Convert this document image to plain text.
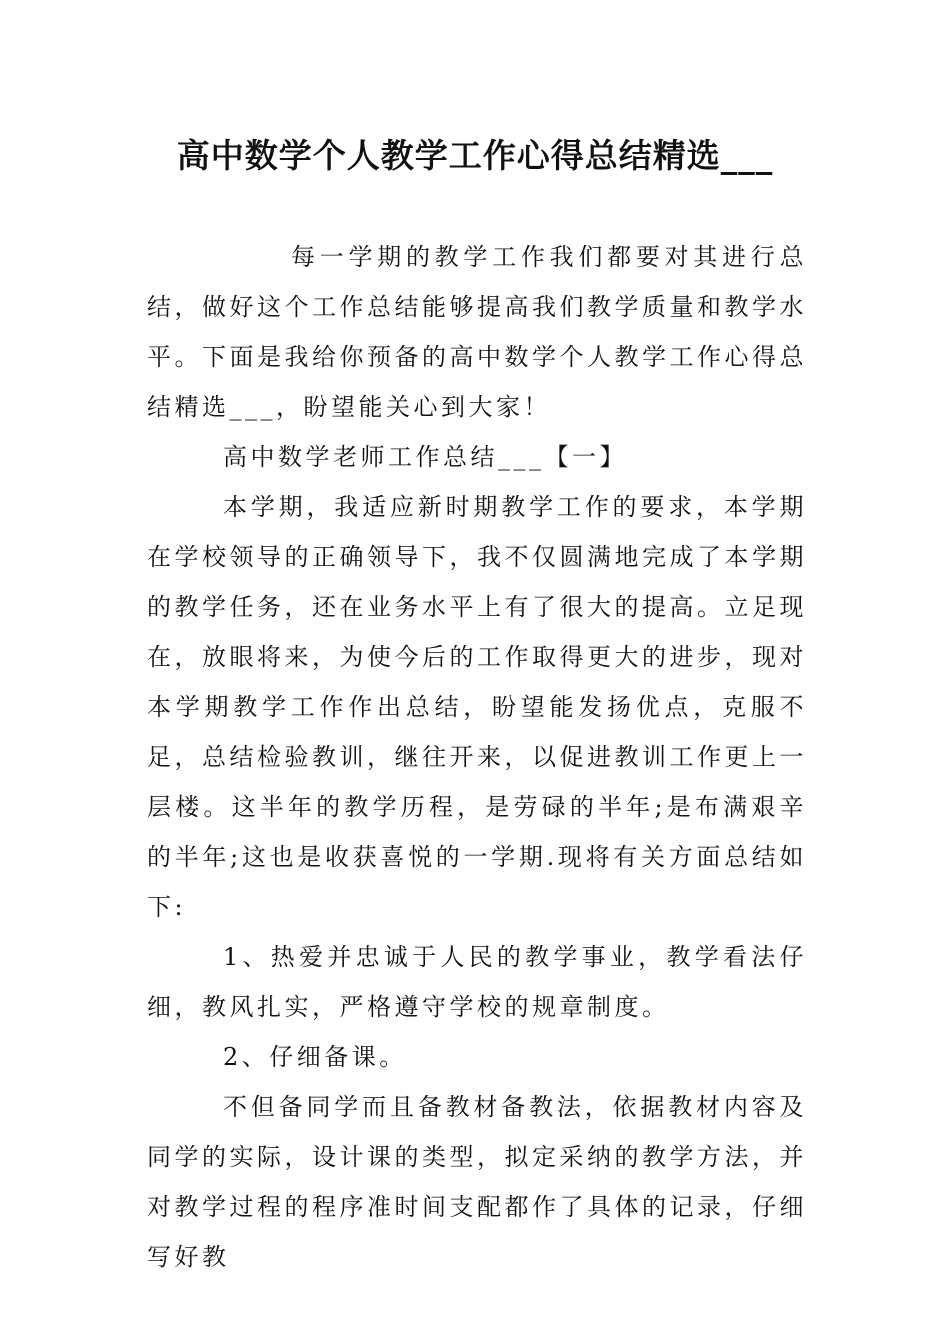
高中数学个人教学工作心得总结精选___

每一学期的教学工作我们都要对其进行总结，做好这个工作总结能够提高我们教学质量和教学水平。下面是我给你预备的高中数学个人教学工作心得总结精选___，盼望能关心到大家！

高中数学老师工作总结___【一】

本学期，我适应新时期教学工作的要求，本学期在学校领导的正确领导下，我不仅圆满地完成了本学期的教学任务，还在业务水平上有了很大的提高。立足现在，放眼将来，为使今后的工作取得更大的进步，现对本学期教学工作作出总结，盼望能发扬优点，克服不足，总结检验教训，继往开来，以促进教训工作更上一层楼。这半年的教学历程，是劳碌的半年;是布满艰辛的半年;这也是收获喜悦的一学期.现将有关方面总结如下:

1、热爱并忠诚于人民的教学事业，教学看法仔细，教风扎实，严格遵守学校的规章制度。

2、仔细备课。

不但备同学而且备教材备教法，依据教材内容及同学的实际，设计课的类型，拟定采纳的教学方法，并对教学过程的程序准时间支配都作了具体的记录，仔细写好教
